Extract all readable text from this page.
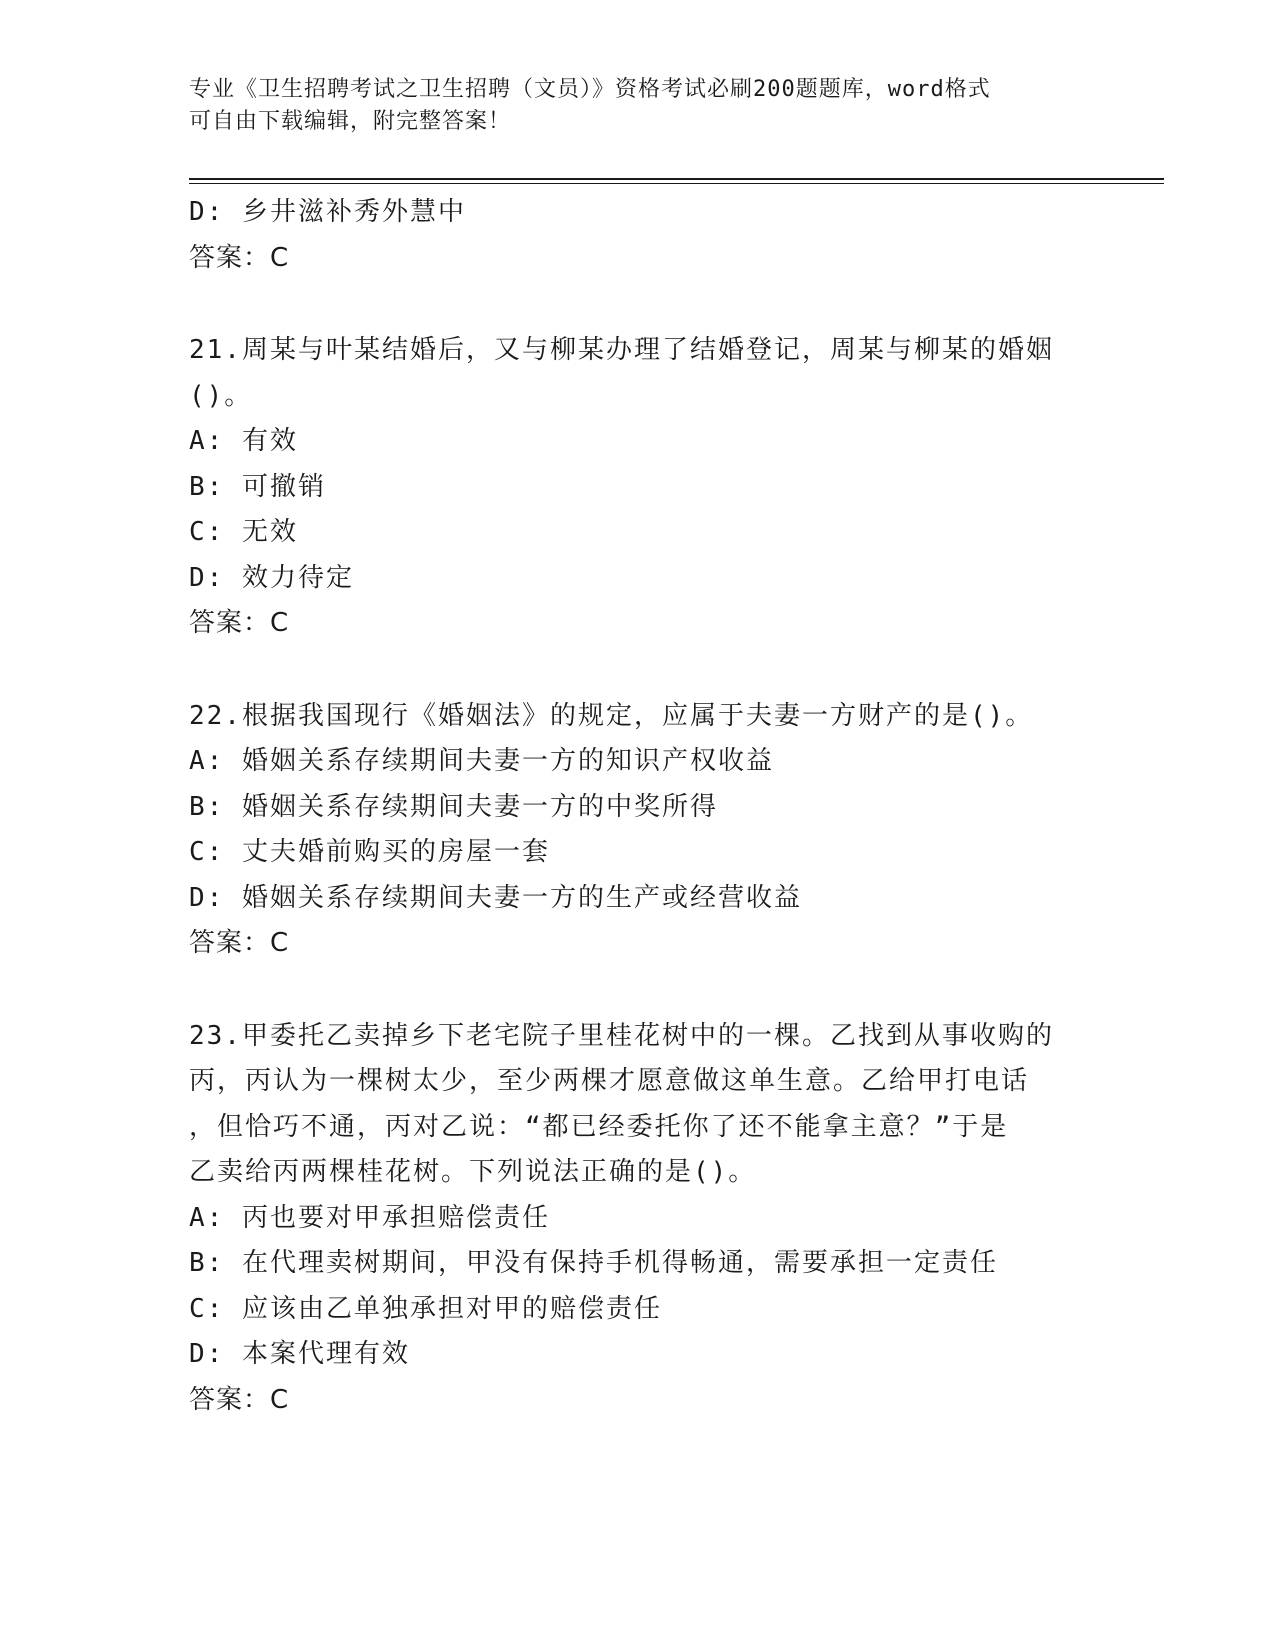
专业《卫生招聘考试之卫生招聘（文员）》资格考试必刷200题题库，word格式
可自由下载编辑，附完整答案！
D: 乡井滋补秀外慧中
答案：C
21.周某与叶某结婚后，又与柳某办理了结婚登记，周某与柳某的婚姻
()。
A: 有效
B: 可撤销
C: 无效
D: 效力待定
答案：C
22.根据我国现行《婚姻法》的规定，应属于夫妻一方财产的是()。
A: 婚姻关系存续期间夫妻一方的知识产权收益
B: 婚姻关系存续期间夫妻一方的中奖所得
C: 丈夫婚前购买的房屋一套
D: 婚姻关系存续期间夫妻一方的生产或经营收益
答案：C
23.甲委托乙卖掉乡下老宅院子里桂花树中的一棵。乙找到从事收购的
丙，丙认为一棵树太少，至少两棵才愿意做这单生意。乙给甲打电话
，但恰巧不通，丙对乙说：“都已经委托你了还不能拿主意？”于是
乙卖给丙两棵桂花树。下列说法正确的是()。
A: 丙也要对甲承担赔偿责任
B: 在代理卖树期间，甲没有保持手机得畅通，需要承担一定责任
C: 应该由乙单独承担对甲的赔偿责任
D: 本案代理有效
答案：C
